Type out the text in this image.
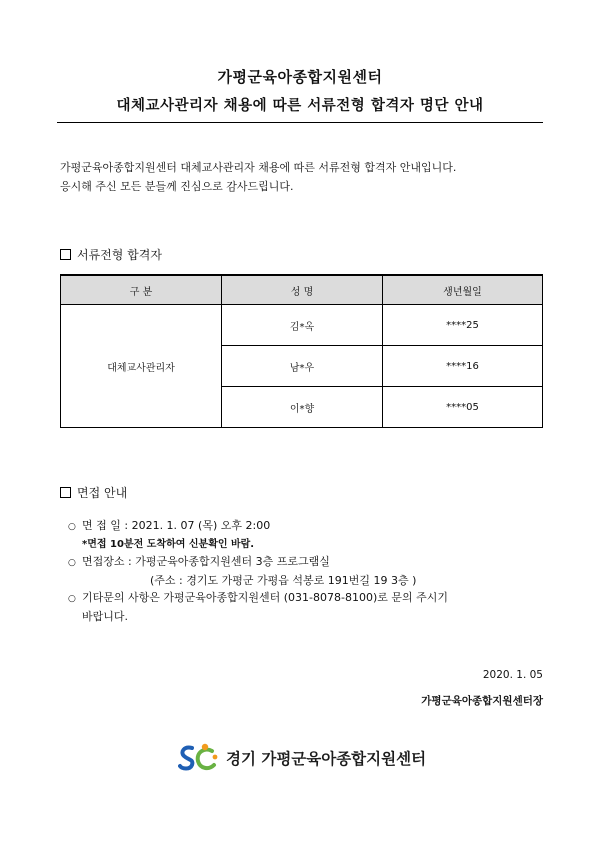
가평군육아종합지원센터
대체교사관리자 채용에 따른 서류전형 합격자 명단 안내
가평군육아종합지원센터 대체교사관리자 채용에 따른 서류전형 합격자 안내입니다.
응시해 주신 모든 분들께 진심으로 감사드립니다.
서류전형 합격자
구 분	성 명	생년월일
대체교사관리자	김*옥	****25
	남*우	****16
	이*향	****05
면접 안내
○ 면 접 일 : 2021. 1. 07 (목) 오후 2:00
*면접 10분전 도착하여 신분확인 바람.
○ 면접장소 : 가평군육아종합지원센터 3층 프로그램실
(주소 : 경기도 가평군 가평읍 석봉로 191번길 19 3층 )
○ 기타문의 사항은 가평군육아종합지원센터 (031-8078-8100)로 문의 주시기
바랍니다.
2020. 1. 05
가평군육아종합지원센터장
경기 가평군육아종합지원센터
